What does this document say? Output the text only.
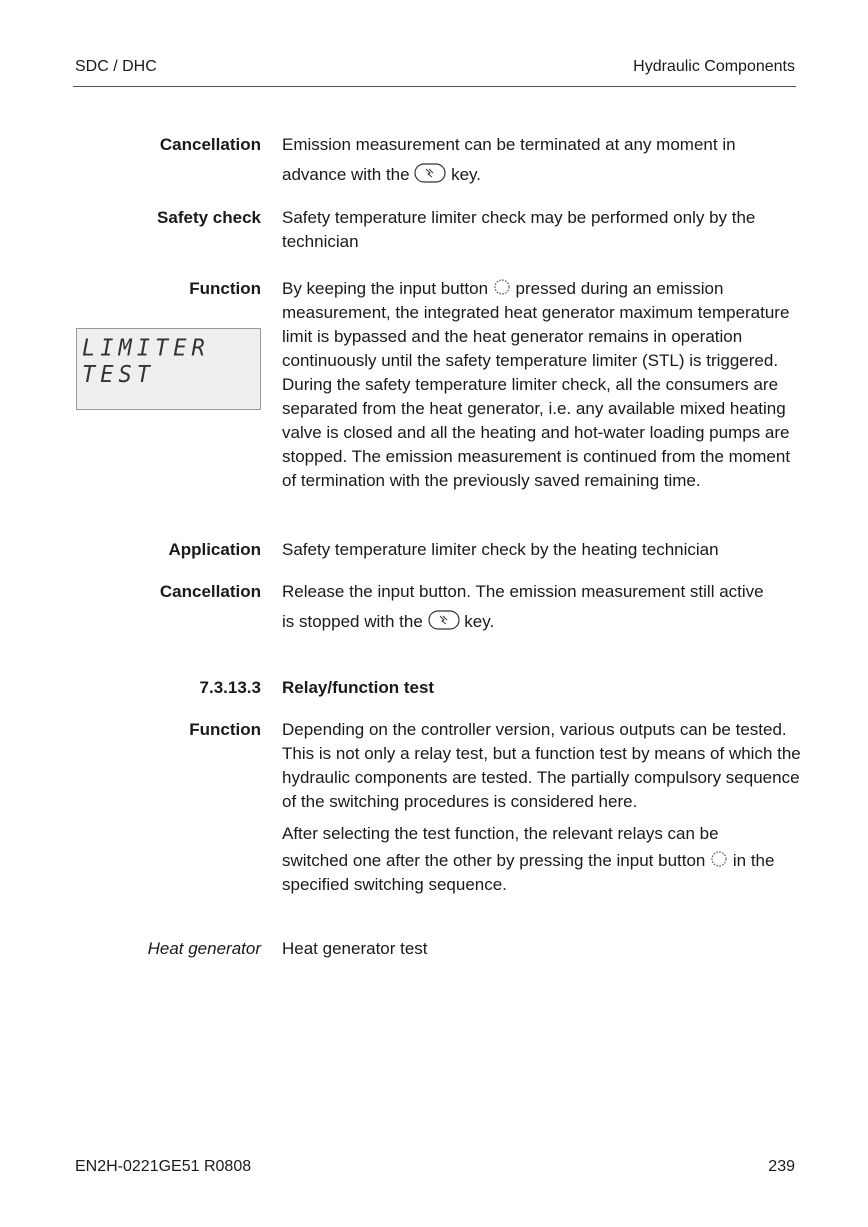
SDC / DHC	Hydraulic Components
Cancellation Emission measurement can be terminated at any moment in

advance with the key.

Safety check Safety temperature limiter check may be performed only by the technician
Function By keeping the input button pressed during an emission measurement, the integrated heat generator maximum temperature limit is bypassed and the heat generator remains in operation continuously until the safety temperature limiter (STL) is triggered. During the safety temperature limiter check, all the consumers are separated from the heat generator, i.e. any available mixed heating valve is closed and all the heating and hot-water loading pumps are stopped. The emission measurement is continued from the moment of termination with the previously saved remaining time.
LIMITER TEST
Application Safety temperature limiter check by the heating technician
Cancellation Release the input button. The emission measurement still active

is stopped with the key.

7.3.13.3 Relay/function test
Function Depending on the controller version, various outputs can be tested. This is not only a relay test, but a function test by means of which the hydraulic components are tested. The partially compulsory sequence of the switching procedures is considered here.

After selecting the test function, the relevant relays can be

switched one after the other by pressing the input button in the specified switching sequence.

Heat generator Heat generator test
EN2H-0221GE51 R0808	239
